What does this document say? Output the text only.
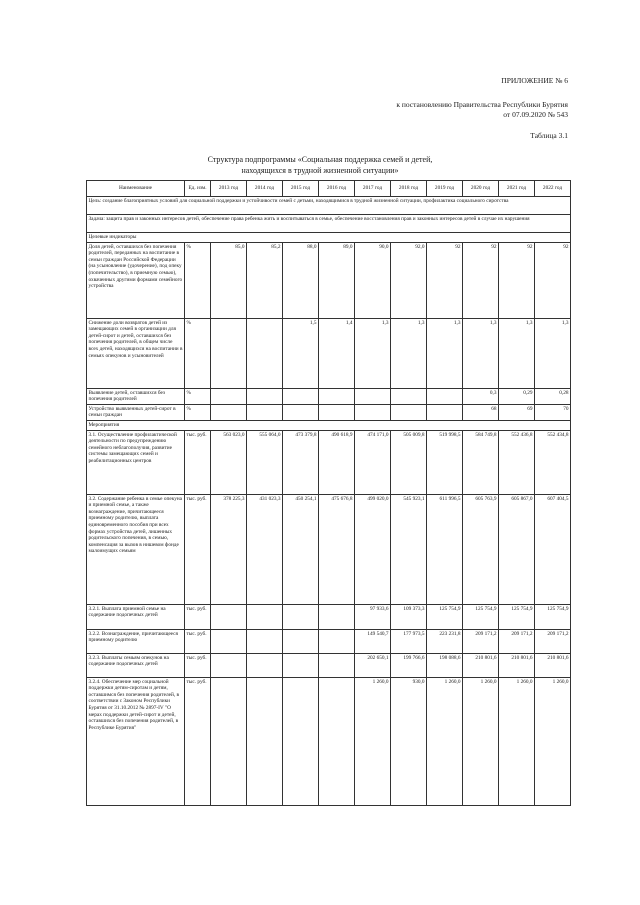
ПРИЛОЖЕНИЕ № 6
к постановлению Правительства Республики Бурятия
от 07.09.2020 № 543
Таблица 3.1
Структура подпрограммы «Социальная поддержка семей и детей,
находящихся в трудной жизненной ситуации»
Наименование	Ед. изм.	2013 год	2014 год	2015 год	2016 год	2017 год	2018 год	2019 год	2020 год	2021 год	2022 год
Цель: создание благоприятных условий для социальной поддержки и устойчивости семей с детьми, находящимися в трудной жизненной ситуации, профилактика социального сиротства											
Задача: защита прав и законных интересов детей, обеспечение права ребенка жить и воспитываться в семье, обеспечение восстановления прав и законных интересов детей в случае их нарушения											
Целевые индикаторы											
Доля детей, оставшихся без попечения родителей, переданных на воспитание в семьи граждан Российской Федерации (на усыновление (удочерение), под опеку (попечительство), в приемную семью), охваченных другими формами семейного устройства	%	85,0	85,2	88,0	89,0	90,0	92,0	92	92	92	92
Снижение доли возвратов детей из замещающих семей в организации для детей-сирот и детей, оставшихся без попечения родителей, в общем числе всех детей, находящихся на воспитании в семьях опекунов и усыновителей	%			1,5	1,4	1,3	1,3	1,3	1,3	1,3	1,3
Выявление детей, оставшихся без попечения родителей	%								0,3	0,29	0,28
Устройство выявленных детей-сирот в семьи граждан	%								68	69	70
Мероприятия											
3.1. Осуществление профилактической деятельности по предупреждению семейного неблагополучия, развитие системы замещающих семей и реабилитационных центров	тыс. руб.	563 023,0	555 064,0	473 379,8	490 618,9	474 171,0	505 009,8	519 998,5	584 749,8	552 436,8	552 434,8
3.2. Содержание ребенка в семье опекуна и приемной семье, а также вознаграждение, причитающееся приемному родителю, выплата единовременного пособия при всех формах устройства детей, лишенных родительского попечения, в семью, компенсация за вызов в нишевом фонде малоимущих семьям	тыс. руб.	378 225,3	431 023,3	450 254,1	475 676,8	499 020,0	545 923,1	611 996,5	605 763,9	605 867,0	607 404,5
3.2.1. Выплата приемной семье на содержание подопечных детей	тыс. руб.					97 933,6	109 373,3	125 754,9	125 754,9	125 754,9	125 754,9
3.2.2. Вознаграждение, причитающееся приемному родителю	тыс. руб.					149 540,7	177 973,5	223 231,8	209 171,2	209 171,2	209 171,2
3.2.3. Выплаты семьям опекунов на содержание подопечных детей	тыс. руб.					202 650,1	199 766,6	198 088,6	210 801,6	210 801,6	210 801,6
3.2.4. Обеспечение мер социальной поддержки детям-сиротам и детям, оставшимся без попечения родителей, в соответствии с Законом Республики Бурятия от 31.10.2012 № 2897-IV "О мерах поддержки детей-сирот и детей, оставшихся без попечения родителей, в Республике Бурятия"	тыс. руб.					1 260,0	930,0	1 260,0	1 260,0	1 260,0	1 260,0
